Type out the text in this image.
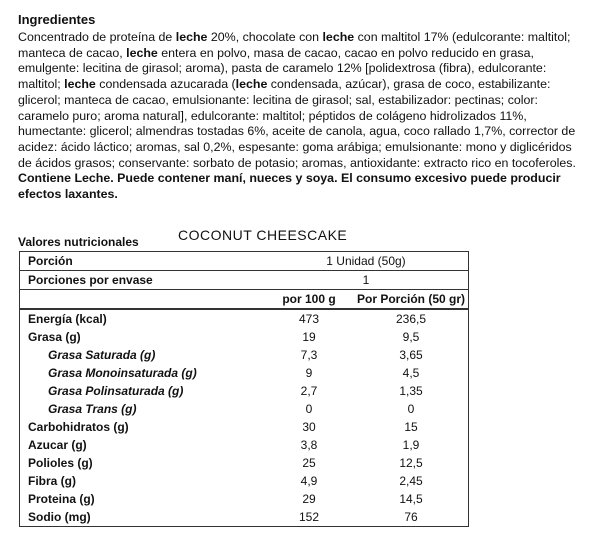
Ingredientes
Concentrado de proteína de leche 20%, chocolate con leche con maltitol 17% (edulcorante: maltitol; manteca de cacao, leche entera en polvo, masa de cacao, cacao en polvo reducido en grasa, emulgente: lecitina de girasol; aroma), pasta de caramelo 12% [polidextrosa (fibra), edulcorante: maltitol; leche condensada azucarada (leche condensada, azúcar), grasa de coco, estabilizante: glicerol; manteca de cacao, emulsionante: lecitina de girasol; sal, estabilizador: pectinas; color: caramelo puro; aroma natural], edulcorante: maltitol; péptidos de colágeno hidrolizados 11%, humectante: glicerol; almendras tostadas 6%, aceite de canola, agua, coco rallado 1,7%, corrector de acidez: ácido láctico; aromas, sal 0,2%, espesante: goma arábiga; emulsionante: mono y diglicéridos de ácidos grasos; conservante: sorbato de potasio; aromas, antioxidante: extracto rico en tocoferoles. Contiene Leche. Puede contener maní, nueces y soya. El consumo excesivo puede producir efectos laxantes.
Valores nutricionales	COCONUT CHEESCAKE
Porción	1 Unidad (50g)	
Porciones por envase	1	
	por 100 g	Por Porción (50 gr)
Energía (kcal)	473	236,5
Grasa (g)	19	9,5
Grasa Saturada (g)	7,3	3,65
Grasa Monoinsaturada (g)	9	4,5
Grasa Polinsaturada (g)	2,7	1,35
Grasa Trans (g)	0	0
Carbohidratos (g)	30	15
Azucar (g)	3,8	1,9
Polioles (g)	25	12,5
Fibra (g)	4,9	2,45
Proteina (g)	29	14,5
Sodio (mg)	152	76
